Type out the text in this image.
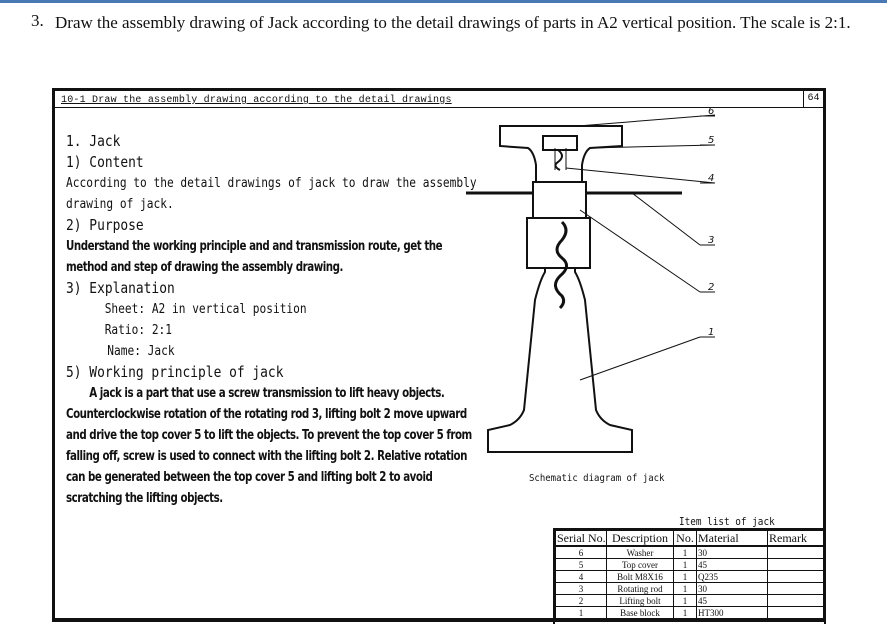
3. Draw the assembly drawing of Jack according to the detail drawings of parts in A2 vertical position. The scale is 2:1.
10-1 Draw the assembly drawing according to the detail drawings	64
1. Jack
1) Content
According to the detail drawings of jack to draw the assembly
drawing of jack.
2) Purpose
Understand the working principle and and transmission route, get the
method and step of drawing the assembly drawing.
3) Explanation
Sheet: A2 in vertical position
Ratio: 2:1
Name: Jack
5) Working principle of jack
A jack is a part that use a screw transmission to lift heavy objects.
Counterclockwise rotation of the rotating rod 3, lifting bolt 2 move upward
and drive the top cover 5 to lift the objects. To prevent the top cover 5 from
falling off, screw is used to connect with the lifting bolt 2. Relative rotation
can be generated between the top cover 5 and lifting bolt 2 to avoid
scratching the lifting objects.
6
5
4
3
2
1
Schematic diagram of jack
Item list of jack
Serial No.	Description	No.	Material	Remark
6	Washer	1	30	
5	Top cover	1	45	
4	Bolt M8X16	1	Q235	
3	Rotating rod	1	30	
2	Lifting bolt	1	45	
1	Base block	1	HT300	
